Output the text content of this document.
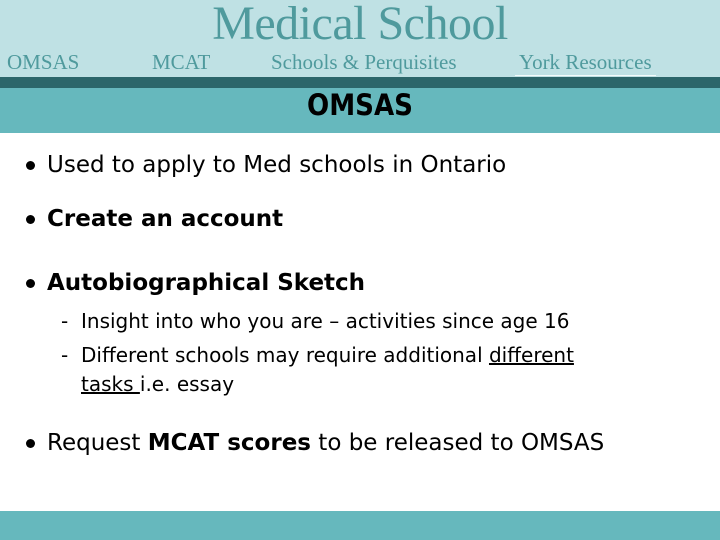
Medical School
OMSAS	MCAT	Schools & Perquisites	York Resources
OMSAS
Used to apply to Med schools in Ontario
Create an account
Autobiographical Sketch
- Insight into who you are – activities since age 16
- Different schools may require additional different
tasks i.e. essay
Request MCAT scores to be released to OMSAS
